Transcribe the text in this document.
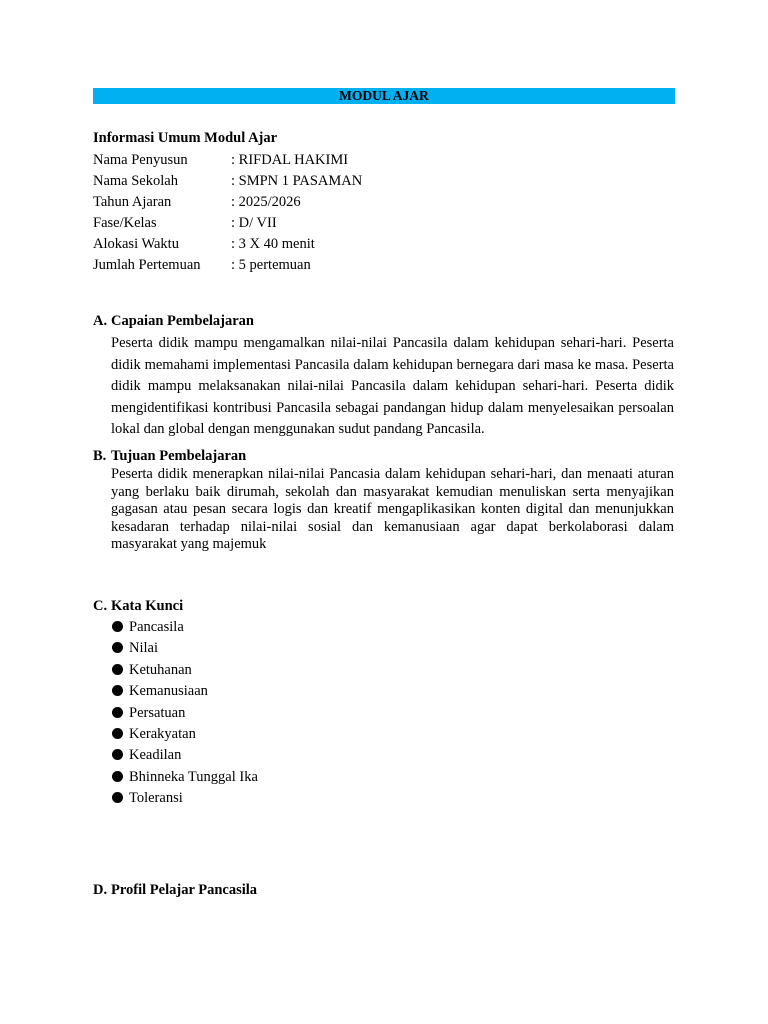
MODUL AJAR
Informasi Umum Modul Ajar
Nama Penyusun	: RIFDAL HAKIMI
Nama Sekolah	: SMPN 1 PASAMAN
Tahun Ajaran	: 2025/2026
Fase/Kelas	: D/ VII
Alokasi Waktu	: 3 X 40 menit
Jumlah Pertemuan : 5 pertemuan
A. Capaian Pembelajaran
Peserta didik mampu mengamalkan nilai-nilai Pancasila dalam kehidupan sehari-hari. Peserta didik memahami implementasi Pancasila dalam kehidupan bernegara dari masa ke masa. Peserta didik mampu melaksanakan nilai-nilai Pancasila dalam kehidupan sehari-hari. Peserta didik mengidentifikasi kontribusi Pancasila sebagai pandangan hidup dalam menyelesaikan persoalan lokal dan global dengan menggunakan sudut pandang Pancasila.
B. Tujuan Pembelajaran
Peserta didik menerapkan nilai-nilai Pancasia dalam kehidupan sehari-hari, dan menaati aturan yang berlaku baik dirumah, sekolah dan masyarakat kemudian menuliskan serta menyajikan gagasan atau pesan secara logis dan kreatif mengaplikasikan konten digital dan menunjukkan kesadaran terhadap nilai-nilai sosial dan kemanusiaan agar dapat berkolaborasi dalam masyarakat yang majemuk
C. Kata Kunci
Pancasila
Nilai
Ketuhanan
Kemanusiaan
Persatuan
Kerakyatan
Keadilan
Bhinneka Tunggal Ika
Toleransi
D. Profil Pelajar Pancasila
